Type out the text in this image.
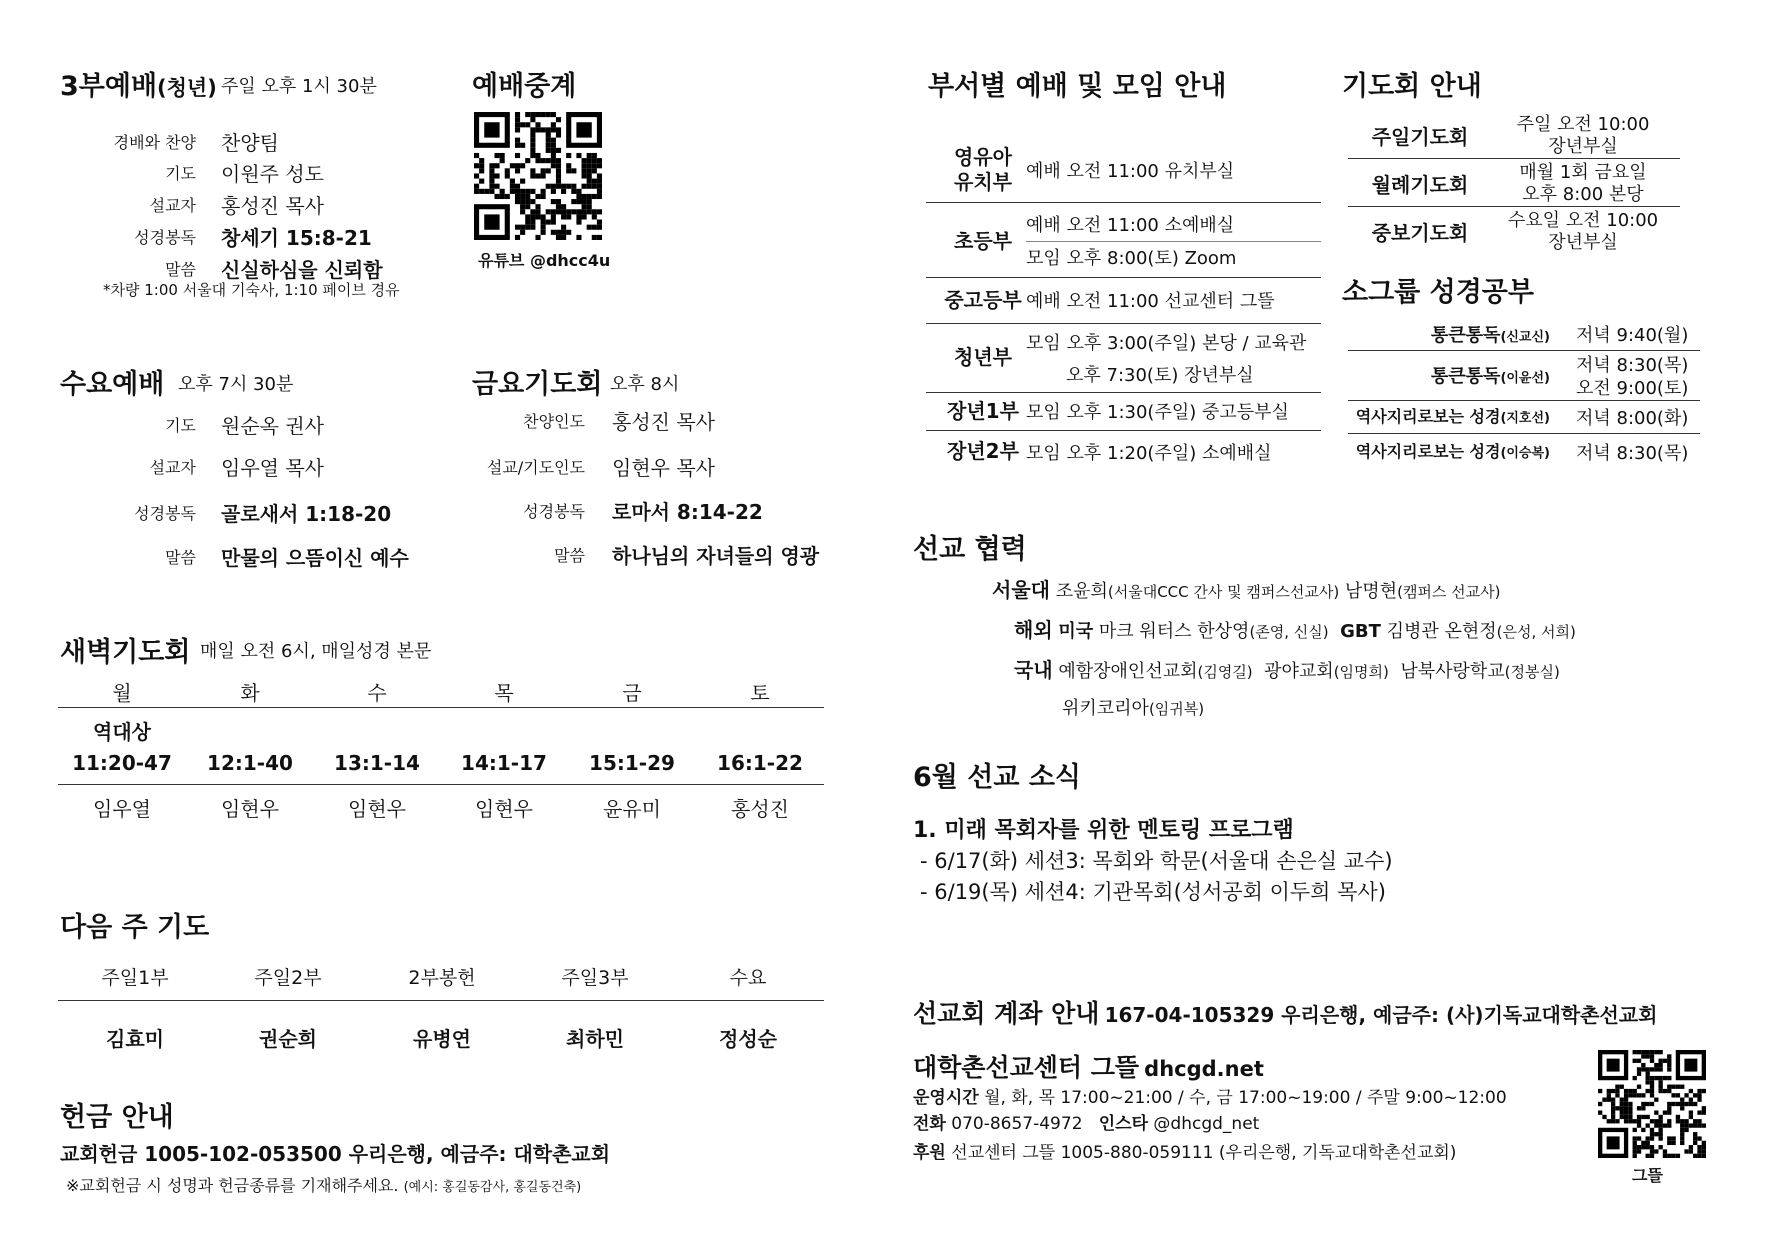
3부예배(청년) 주일 오후 1시 30분
*차량 1:00 서울대 기숙사, 1:10 페이브 경유
예배중계
유튜브 @dhcc4u
수요예배 오후 7시 30분	금요기도회 오후 8시
새벽기도회 매일 오전 6시, 매일성경 본문
다음 주 기도
헌금 안내
교회헌금 1005-102-053500 우리은행, 예금주: 대학촌교회
※교회헌금 시 성명과 헌금종류를 기재해주세요. (예시: 홍길동감사, 홍길동건축)
부서별 예배 및 모임 안내	기도회 안내
소그룹 성경공부
선교 협력
서울대 조윤희(서울대CCC 간사 및 캠퍼스선교사) 남명현(캠퍼스 선교사)
해외 미국 마크 워터스 한상영(존영, 신실) GBT 김병관 온현정(은성, 서희)
국내 예함장애인선교회(김영길) 광야교회(임명희) 남북사랑학교(정봉실)
위키코리아(임귀복)
6월 선교 소식
1. 미래 목회자를 위한 멘토링 프로그램
- 6/17(화) 세션3: 목회와 학문(서울대 손은실 교수)
- 6/19(목) 세션4: 기관목회(성서공회 이두희 목사)
선교회 계좌 안내 167-04-105329 우리은행, 예금주: (사)기독교대학촌선교회
대학촌선교센터 그뜰 dhcgd.net
운영시간 월, 화, 목 17:00~21:00 / 수, 금 17:00~19:00 / 주말 9:00~12:00
전화 070-8657-4972 인스타 @dhcgd_net
후원 선교센터 그뜰 1005-880-059111 (우리은행, 기독교대학촌선교회)
그뜰
경배와 찬양 찬양팀
기도 이원주 성도
설교자 홍성진 목사
성경봉독 창세기 15:8-21
말씀 신실하심을 신뢰함
기도 원순옥 권사
설교자 임우열 목사
성경봉독 골로새서 1:18-20
말씀 만물의 으뜸이신 예수
찬양인도 홍성진 목사
설교/기도인도 임현우 목사
성경봉독 로마서 8:14-22
말씀 하나님의 자녀들의 영광
월
11:20-47
임우열
화
12:1-40
임현우
수
13:1-14
임현우
목
14:1-17
임현우
금
15:1-29
윤유미
토
16:1-22
홍성진
역대상
주일1부
김효미
주일2부
권순희
2부봉헌
유병연
주일3부
최하민
수요
정성순
영유아
유치부 예배 오전 11:00 유치부실
초등부
예배 오전 11:00 소예배실
모임 오후 8:00(토) Zoom
중고등부 예배 오전 11:00 선교센터 그뜰
청년부
모임 오후 3:00(주일) 본당 / 교육관
오후 7:30(토) 장년부실
장년1부 모임 오후 1:30(주일) 중고등부실
장년2부 모임 오후 1:20(주일) 소예배실
주일기도회
주일 오전 10:00
장년부실
월례기도회
매월 1회 금요일
오후 8:00 본당
중보기도회
수요일 오전 10:00
장년부실
통큰통독(신교신) 저녁 9:40(월)
통큰통독(이윤선)
저녁 8:30(목)
오전 9:00(토)
역사지리로보는 성경(지호선) 저녁 8:00(화)
역사지리로보는 성경(이승복) 저녁 8:30(목)
